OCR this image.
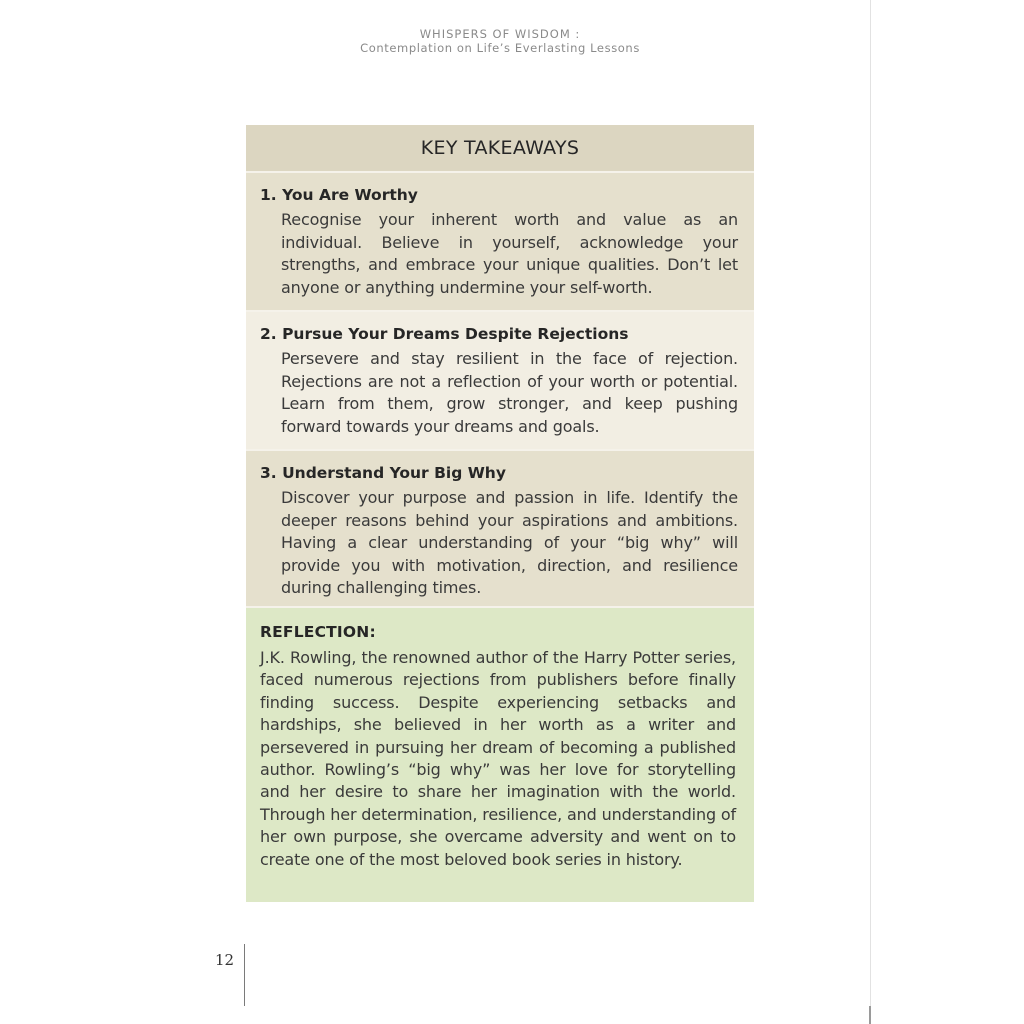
WHISPERS OF WISDOM :
Contemplation on Life’s Everlasting Lessons
KEY TAKEAWAYS
1. You Are Worthy
Recognise your inherent worth and value as an individual. Believe in yourself, acknowledge your strengths, and embrace your unique qualities. Don’t let anyone or anything undermine your self-worth.
2. Pursue Your Dreams Despite Rejections
Persevere and stay resilient in the face of rejection. Rejections are not a reflection of your worth or potential. Learn from them, grow stronger, and keep pushing forward towards your dreams and goals.
3. Understand Your Big Why
Discover your purpose and passion in life. Identify the deeper reasons behind your aspirations and ambitions. Having a clear understanding of your “big why” will provide you with motivation, direction, and resilience during challenging times.
REFLECTION:
J.K. Rowling, the renowned author of the Harry Potter series, faced numerous rejections from publishers before finally finding success. Despite experiencing setbacks and hardships, she believed in her worth as a writer and persevered in pursuing her dream of becoming a published author. Rowling’s “big why” was her love for storytelling and her desire to share her imagination with the world. Through her determination, resilience, and understanding of her own purpose, she overcame adversity and went on to create one of the most beloved book series in history.
12
